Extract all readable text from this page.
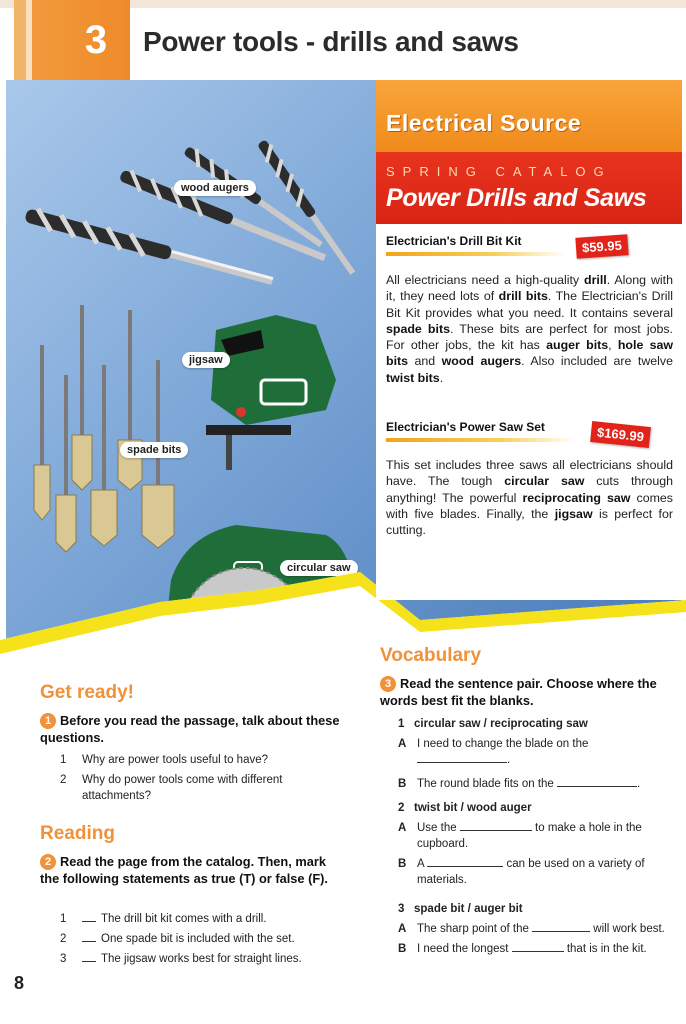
3	Power tools - drills and saws
wood augers
jigsaw
spade bits
circular saw
Electrical Source
SPRING CATALOG
Power Drills and Saws
Electrician's Drill Bit Kit	$59.95

All electricians need a high-quality drill. Along with it, they need lots of drill bits. The Electrician's Drill Bit Kit provides what you need. It contains several spade bits. These bits are perfect for most jobs. For other jobs, the kit has auger bits, hole saw bits and wood augers. Also included are twelve twist bits.

Electrician's Power Saw Set	$169.99

This set includes three saws all electricians should have. The tough circular saw cuts through anything! The powerful reciprocating saw comes with five blades. Finally, the jigsaw is perfect for cutting.

Get ready!
1 Before you read the passage, talk about these questions.
1 Why are power tools useful to have?
2 Why do power tools come with different attachments?
Reading
2 Read the page from the catalog. Then, mark the following statements as true (T) or false (F).
1	The drill bit kit comes with a drill.
2	One spade bit is included with the set.
3	The jigsaw works best for straight lines.
Vocabulary
3 Read the sentence pair. Choose where the words best fit the blanks.
1 circular saw / reciprocating saw
A I need to change the blade on the
.
B The round blade fits on the	.
2 twist bit / wood auger
A Use the	to make a hole in the cupboard.
B A	can be used on a variety of materials.
3 spade bit / auger bit
A The sharp point of the	will work best.
B I need the longest	that is in the kit.
8
